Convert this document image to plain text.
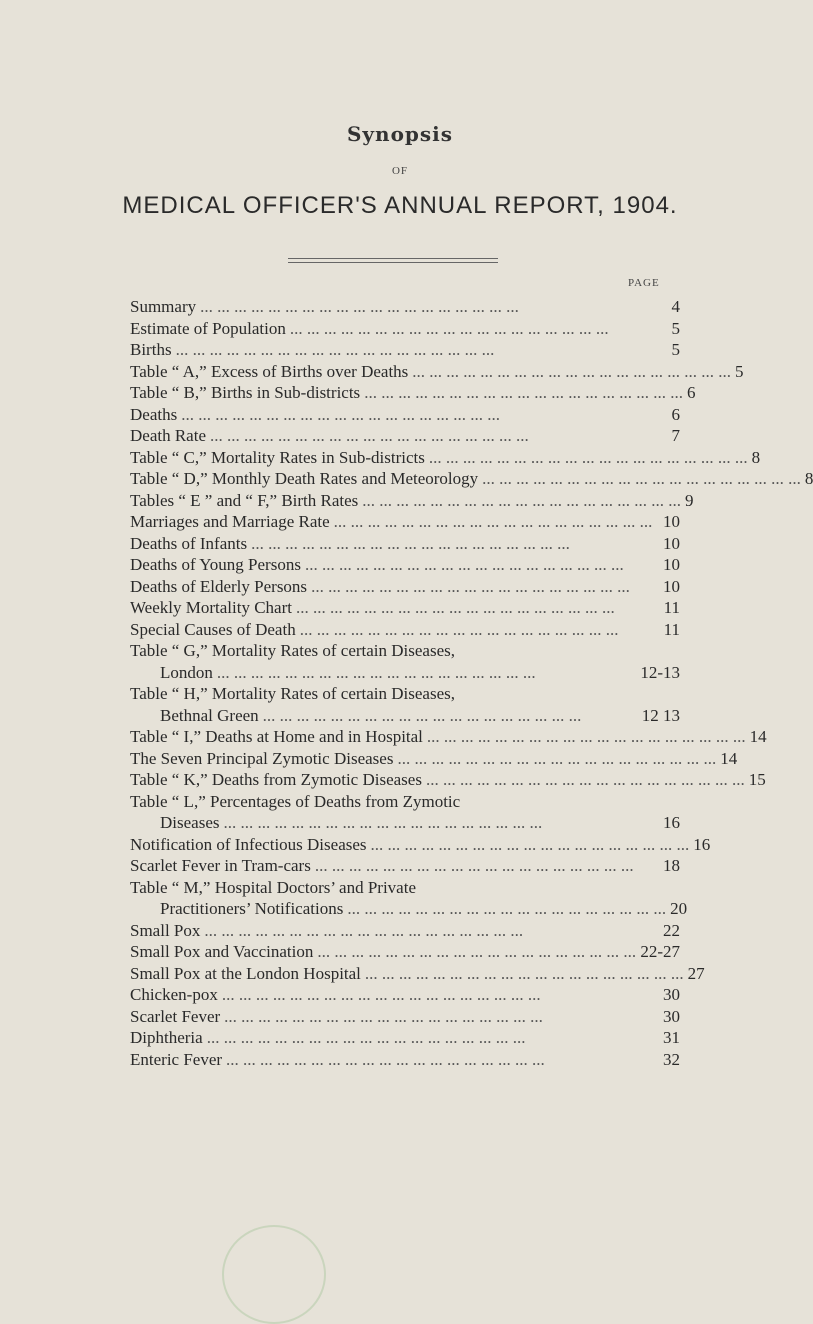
Synopsis
OF
MEDICAL OFFICER'S ANNUAL REPORT, 1904.
PAGE
Summary ... ... ... ... ... ... ... ... ... ... ... ... ... ... ... ... ... ... ...	4
Estimate of Population ... ... ... ... ... ... ... ... ... ... ... ... ... ... ... ... ... ... ...	5
Births ... ... ... ... ... ... ... ... ... ... ... ... ... ... ... ... ... ... ...	5
Table “ A,” Excess of Births over Deaths ... ... ... ... ... ... ... ... ... ... ... ... ... ... ... ... ... ... ... 5
Table “ B,” Births in Sub-districts ... ... ... ... ... ... ... ... ... ... ... ... ... ... ... ... ... ... ... 6
Deaths ... ... ... ... ... ... ... ... ... ... ... ... ... ... ... ... ... ... ...	6
Death Rate ... ... ... ... ... ... ... ... ... ... ... ... ... ... ... ... ... ... ...	7
Table “ C,” Mortality Rates in Sub-districts ... ... ... ... ... ... ... ... ... ... ... ... ... ... ... ... ... ... ... 8
Table “ D,” Monthly Death Rates and Meteorology ... ... ... ... ... ... ... ... ... ... ... ... ... ... ... ... ... ... ... 8
Tables “ E ” and “ F,” Birth Rates ... ... ... ... ... ... ... ... ... ... ... ... ... ... ... ... ... ... ... 9
Marriages and Marriage Rate ... ... ... ... ... ... ... ... ... ... ... ... ... ... ... ... ... ... ... 10
Deaths of Infants ... ... ... ... ... ... ... ... ... ... ... ... ... ... ... ... ... ... ...	10
Deaths of Young Persons ... ... ... ... ... ... ... ... ... ... ... ... ... ... ... ... ... ... ...	10
Deaths of Elderly Persons ... ... ... ... ... ... ... ... ... ... ... ... ... ... ... ... ... ... ...	10
Weekly Mortality Chart ... ... ... ... ... ... ... ... ... ... ... ... ... ... ... ... ... ... ...	11
Special Causes of Death ... ... ... ... ... ... ... ... ... ... ... ... ... ... ... ... ... ... ...	11
Table “ G,” Mortality Rates of certain Diseases,
London ... ... ... ... ... ... ... ... ... ... ... ... ... ... ... ... ... ... ...	12-13
Table “ H,” Mortality Rates of certain Diseases,
Bethnal Green ... ... ... ... ... ... ... ... ... ... ... ... ... ... ... ... ... ... ...	12 13
Table “ I,” Deaths at Home and in Hospital ... ... ... ... ... ... ... ... ... ... ... ... ... ... ... ... ... ... ... 14
The Seven Principal Zymotic Diseases ... ... ... ... ... ... ... ... ... ... ... ... ... ... ... ... ... ... ... 14
Table “ K,” Deaths from Zymotic Diseases ... ... ... ... ... ... ... ... ... ... ... ... ... ... ... ... ... ... ... 15
Table “ L,” Percentages of Deaths from Zymotic
Diseases ... ... ... ... ... ... ... ... ... ... ... ... ... ... ... ... ... ... ...	16
Notification of Infectious Diseases ... ... ... ... ... ... ... ... ... ... ... ... ... ... ... ... ... ... ... 16
Scarlet Fever in Tram-cars ... ... ... ... ... ... ... ... ... ... ... ... ... ... ... ... ... ... ...	18
Table “ M,” Hospital Doctors’ and Private
Practitioners’ Notifications ... ... ... ... ... ... ... ... ... ... ... ... ... ... ... ... ... ... ... 20
Small Pox ... ... ... ... ... ... ... ... ... ... ... ... ... ... ... ... ... ... ...	22
Small Pox and Vaccination ... ... ... ... ... ... ... ... ... ... ... ... ... ... ... ... ... ... ... 22-27
Small Pox at the London Hospital ... ... ... ... ... ... ... ... ... ... ... ... ... ... ... ... ... ... ... 27
Chicken-pox ... ... ... ... ... ... ... ... ... ... ... ... ... ... ... ... ... ... ...	30
Scarlet Fever ... ... ... ... ... ... ... ... ... ... ... ... ... ... ... ... ... ... ...	30
Diphtheria ... ... ... ... ... ... ... ... ... ... ... ... ... ... ... ... ... ... ...	31
Enteric Fever ... ... ... ... ... ... ... ... ... ... ... ... ... ... ... ... ... ... ...	32
